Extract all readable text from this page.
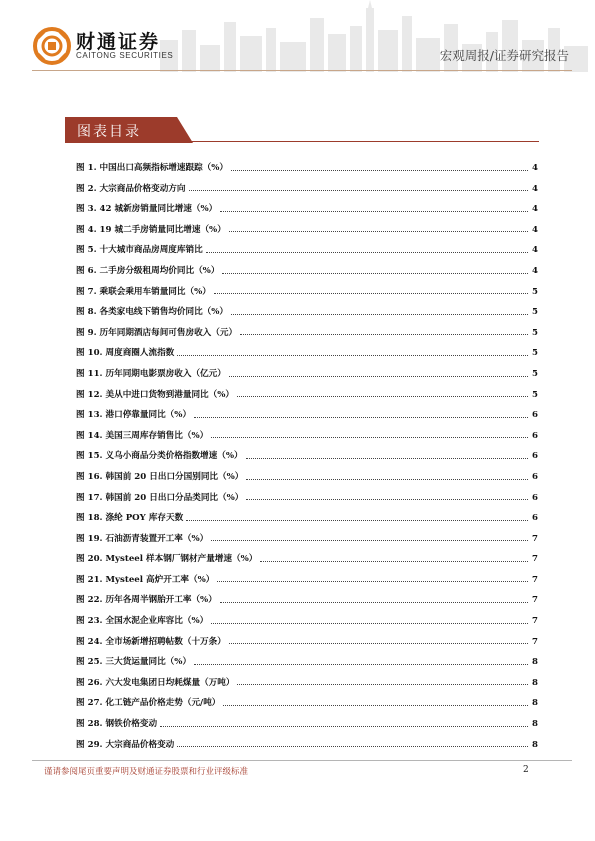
财通证券
CAITONG SECURITIES	宏观周报/证券研究报告
图表目录
图 1. 中国出口高频指标增速跟踪（%）	4
图 2. 大宗商品价格变动方向	4
图 3. 42 城新房销量同比增速（%）	4
图 4. 19 城二手房销量同比增速（%）	4
图 5. 十大城市商品房周度库销比	4
图 6. 二手房分级租周均价同比（%）	4
图 7. 乘联会乘用车销量同比（%）	5
图 8. 各类家电线下销售均价同比（%）	5
图 9. 历年同期酒店每间可售房收入（元）	5
图 10. 周度商圈人流指数	5
图 11. 历年同期电影票房收入（亿元）	5
图 12. 美从中进口货物到港量同比（%）	5
图 13. 港口停靠量同比（%）	6
图 14. 美国三周库存销售比（%）	6
图 15. 义乌小商品分类价格指数增速（%）	6
图 16. 韩国前 20 日出口分国别同比（%）	6
图 17. 韩国前 20 日出口分品类同比（%）	6
图 18. 涤纶 POY 库存天数	6
图 19. 石油沥青装置开工率（%）	7
图 20. Mysteel 样本钢厂钢材产量增速（%）	7
图 21. Mysteel 高炉开工率（%）	7
图 22. 历年各周半钢胎开工率（%）	7
图 23. 全国水泥企业库容比（%）	7
图 24. 全市场新增招聘帖数（十万条）	7
图 25. 三大货运量同比（%）	8
图 26. 六大发电集团日均耗煤量（万吨）	8
图 27. 化工链产品价格走势（元/吨）	8
图 28. 钢铁价格变动	8
图 29. 大宗商品价格变动	8
谨请参阅尾页重要声明及财通证券股票和行业评级标准	2
